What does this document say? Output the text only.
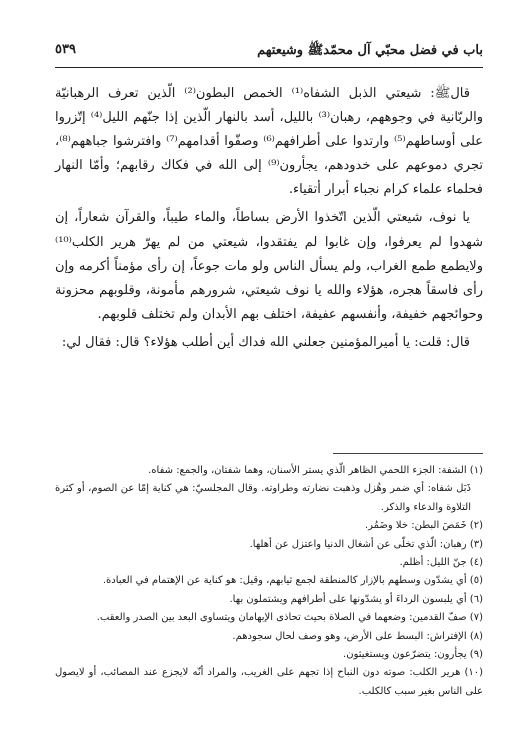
باب في فضل محبّي آل محمّدﷺ وشيعتهم
٥٣٩

قالﷺ: شيعتي الذبل الشفاه⁽¹⁾ الخمص البطون⁽²⁾ الّذين تعرف الرهبانيّة والربّانية في وجوههم، رهبان⁽³⁾ بالليل، أسد بالنهار الّذين إذا جنّهم الليل⁽⁴⁾ إتّزروا على أوساطهم⁽⁵⁾ وارتدوا على أطرافهم⁽⁶⁾ وصفّوا أقدامهم⁽⁷⁾ وافترشوا جباههم⁽⁸⁾، تجري دموعهم على خدودهم، يجأرون⁽⁹⁾ إلى الله في فكاك رقابهم؛ وأمّا النهار فحلماء علماء كرام نجباء أبرار أتقياء.

يا نوف، شيعتي الّذين اتّخذوا الأرض بساطاً، والماء طيباً، والقرآن شعاراً، إن شهدوا لم يعرفوا، وإن غابوا لم يفتقدوا، شيعتي من لم يهرّ هرير الكلب⁽¹⁰⁾ ولايطمع طمع الغراب، ولم يسأل الناس ولو مات جوعاً، إن رأى مؤمناً أكرمه وإن رأى فاسقاً هجره، هؤلاء والله يا نوف شيعتي، شرورهم مأمونة، وقلوبهم محزونة وحوائجهم خفيفة، وأنفسهم عفيفة، اختلف بهم الأبدان ولم تختلف قلوبهم.

قال: قلت: يا أميرالمؤمنين جعلني الله فداك أين أطلب هؤلاء؟ قال: فقال لي:

(١) الشفة: الجزء اللحمي الظاهر الّذي يستر الأسنان، وهما شفتان، والجمع: شفاه.

ذَبَل شفاه: أي ضمر وهُزل وذهبت نضارته وطراوته. وقال المجلسيّ: هي كناية إمّا عن الصوم، أو كثرة التلاوة والدعاء والذكر.

(٢) خَمَصَ البطن: خلا وضَمُر.

(٣) رهبان: الّذي تخلّى عن أشغال الدنيا واعتزل عن أهلها.

(٤) جنّ الليل: أظلم.

(٥) أي يشدّون وسطهم بالإزار كالمنطقة لجمع ثيابهم، وقيل: هو كناية عن الإهتمام في العبادة.

(٦) أي يلبسون الرداءَ أو يشدّونها على أطرافهم ويشتملون بها.

(٧) صفّ القدمين: وضعهما في الصلاة بحيث تحاذى الإبهامان ويتساوى البعد بين الصدر والعقب.

(٨) الإفتراش: البسط على الأرض، وهو وصف لحال سجودهم.

(٩) يجأرون: يتضرّعون ويستغيثون.

(١٠) هرير الكلب: صوته دون النباح إذا تجهم على الغريب، والمراد أنّه لايجزع عند المصائب، أو لايصول على الناس بغير سبب كالكلب.
